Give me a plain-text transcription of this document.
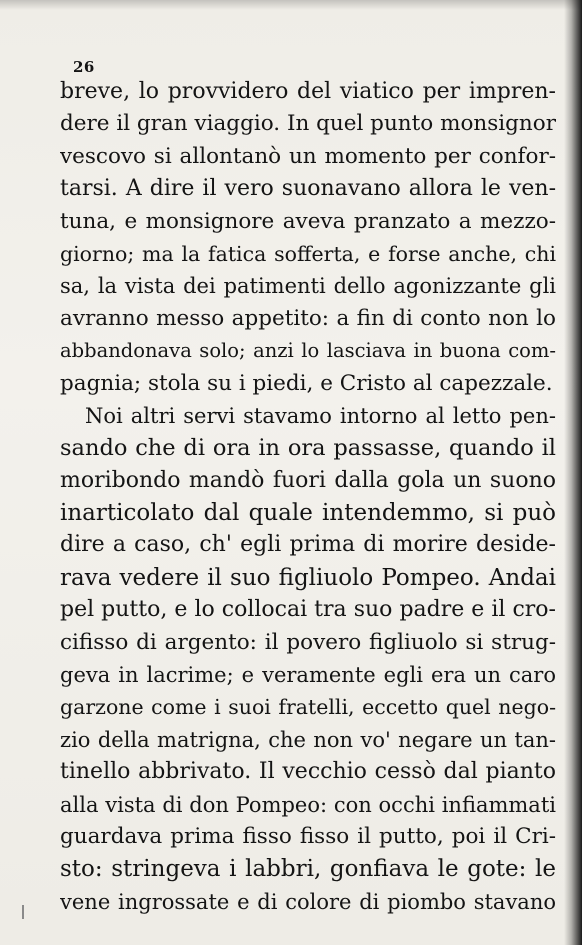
26
breve, lo provvidero del viatico per impren-
dere il gran viaggio. In quel punto monsignor
vescovo si allontanò un momento per confor-
tarsi. A dire il vero suonavano allora le ven-
tuna, e monsignore aveva pranzato a mezzo-
giorno; ma la fatica sofferta, e forse anche, chi
sa, la vista dei patimenti dello agonizzante gli
avranno messo appetito: a fin di conto non lo
abbandonava solo; anzi lo lasciava in buona com-
pagnia; stola su i piedi, e Cristo al capezzale.
Noi altri servi stavamo intorno al letto pen-
sando che di ora in ora passasse, quando il
moribondo mandò fuori dalla gola un suono
inarticolato dal quale intendemmo, si può
dire a caso, ch' egli prima di morire deside-
rava vedere il suo figliuolo Pompeo. Andai
pel putto, e lo collocai tra suo padre e il cro-
cifisso di argento: il povero figliuolo si strug-
geva in lacrime; e veramente egli era un caro
garzone come i suoi fratelli, eccetto quel nego-
zio della matrigna, che non vo' negare un tan-
tinello abbrivato. Il vecchio cessò dal pianto
alla vista di don Pompeo: con occhi infiammati
guardava prima fisso fisso il putto, poi il Cri-
sto: stringeva i labbri, gonfiava le gote: le
vene ingrossate e di colore di piombo stavano
